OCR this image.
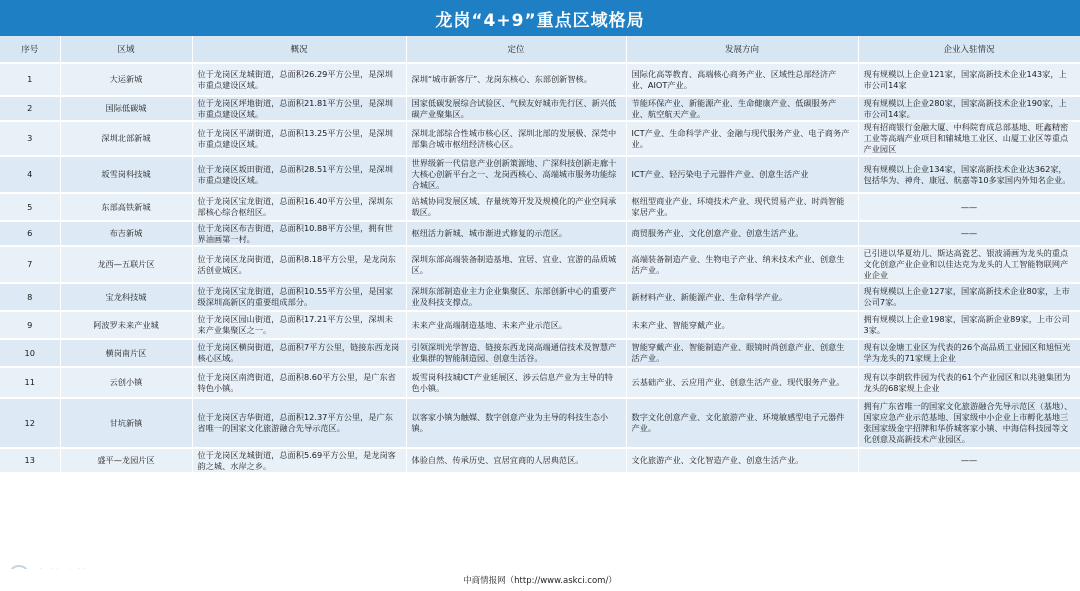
龙岗“4+9”重点区域格局
序号	区域	概况	定位	发展方向	企业入驻情况
1	大运新城	位于龙岗区龙城街道，总面积26.29平方公里，是深圳市重点建设区域。	深圳“城市新客厅”、龙岗东核心、东部创新智核。	国际化高等教育、高端核心商务产业、区域性总部经济产业、AIOT产业。	现有规模以上企业121家，国家高新技术企业143家，上市公司14家
2	国际低碳城	位于龙岗区坪地街道，总面积21.81平方公里，是深圳市重点建设区域。	国家低碳发展综合试验区、气候友好城市先行区、新兴低碳产业聚集区。	节能环保产业、新能源产业、生命健康产业、低碳服务产业、航空航天产业。	现有规模以上企业280家，国家高新技术企业190家，上市公司14家。
3	深圳北部新城	位于龙岗区平湖街道，总面积13.25平方公里，是深圳市重点建设区域。	深圳北部综合性城市核心区、深圳北部的发展极、深莞中部集合城市枢纽经济核心区。	ICT产业、生命科学产业、金融与现代服务产业、电子商务产业。	现有招商银行金融大厦、中科院育成总部基地、旺鑫精密工业等高端产业项目和辅城地工业区、山厦工业区等重点产业园区
4	坂雪岗科技城	位于龙岗区坂田街道，总面积28.51平方公里，是深圳市重点建设区域。	世界级新一代信息产业创新策源地、广深科技创新走廊十大核心创新平台之一、龙岗西核心、高端城市服务功能综合城区。	ICT产业、轻污染电子元器件产业、创意生活产业	现有规模以上企业134家，国家高新技术企业达362家，包括华为、神舟、康冠、航嘉等10多家国内外知名企业。
5	东部高铁新城	位于龙岗区宝龙街道，总面积16.40平方公里，深圳东部核心综合枢纽区。	站城协同发展区域、存量统筹开发及规模化的产业空间承载区。	枢纽型商业产业、环境技术产业、现代贸易产业、时尚智能家居产业。	——
6	布吉新城	位于龙岗区布吉街道，总面积10.88平方公里，拥有世界油画第一村。	枢纽活力新城、城市渐进式修复的示范区。	商贸服务产业、文化创意产业、创意生活产业。	——
7	龙西—五联片区	位于龙岗区龙岗街道，总面积8.18平方公里，是龙岗东活创业城区。	深圳东部高端装备制造基地、宜居、宜业、宜游的品质城区。	高端装备制造产业、生物电子产业、纳米技术产业、创意生活产业。	已引进以华夏幼儿、斯达高瓷艺、银波涌画为龙头的重点文化创意产业企业和以佳达克为龙头的人工智能物联网产业企业
8	宝龙科技城	位于龙岗区宝龙街道，总面积10.55平方公里，是国家级深圳高新区的重要组成部分。	深圳东部制造业主力企业集聚区、东部创新中心的重要产业及科技支撑点。	新材料产业、新能源产业、生命科学产业。	现有规模以上企业127家，国家高新技术企业80家，上市公司7家。
9	阿波罗未来产业城	位于龙岗区园山街道，总面积17.21平方公里，深圳未来产业集聚区之一。	未来产业高端制造基地、未来产业示范区。	未来产业、智能穿戴产业。	拥有规模以上企业198家，国家高新企业89家，上市公司3家。
10	横岗南片区	位于龙岗区横岗街道，总面积7平方公里，链接东西龙岗核心区域。	引领深圳光学智造、链接东西龙岗高端通信技术及智慧产业集群的智能制造园、创意生活谷。	智能穿戴产业、智能制造产业、眼镜时尚创意产业、创意生活产业。	现有以金塘工业区为代表的26个高品质工业园区和旭恒光学为龙头的71家规上企业
11	云创小镇	位于龙岗区南湾街道，总面积8.60平方公里，是广东省特色小镇。	坂雪岗科技城ICT产业延展区、涉云信息产业为主导的特色小镇。	云基础产业、云应用产业、创意生活产业、现代服务产业。	现有以李朗软件园为代表的61个产业园区和以兆驰集团为龙头的68家规上企业
12	甘坑新镇	位于龙岗区吉华街道，总面积12.37平方公里，是广东省唯一的国家文化旅游融合先导示范区。	以客家小镇为触媒、数字创意产业为主导的科技生态小镇。	数字文化创意产业、文化旅游产业、环境敏感型电子元器件产业。	拥有广东省唯一的国家文化旅游融合先导示范区（基地）、国家应急产业示范基地、国家级中小企业上市孵化基地三张国家级金字招牌和华侨城客家小镇、中海信科技园等文化创意及高新技术产业园区。
13	盛平—龙园片区	位于龙岗区龙城街道，总面积5.69平方公里，是龙岗客韵之城、水岸之乡。	体验自然、传承历史、宜居宜商的人居典范区。	文化旅游产业、文化智造产业、创意生活产业。	——
中商情报网（http://www.askci.com/）
